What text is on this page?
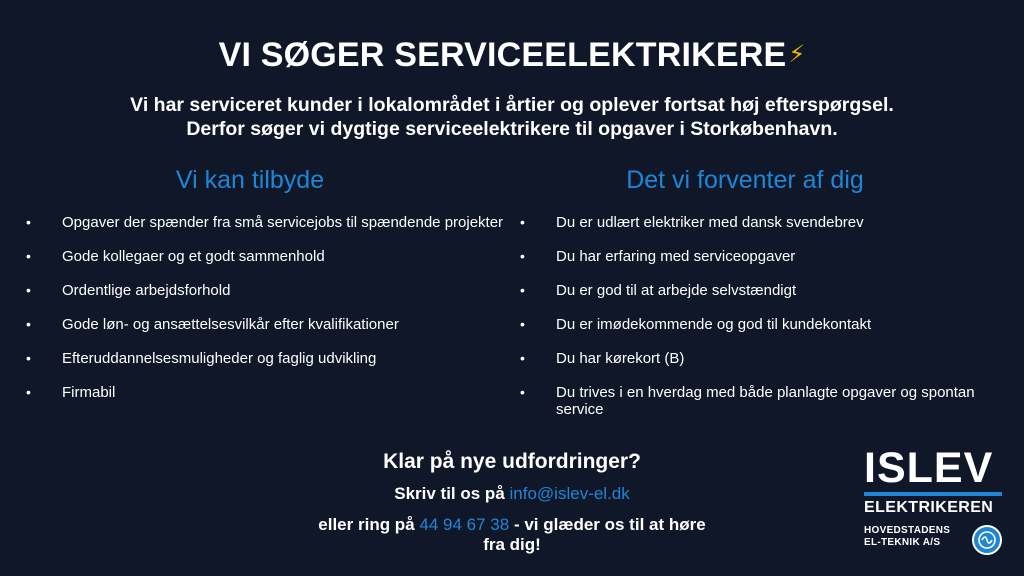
VI SØGER SERVICEELEKTRIKERE⚡
Vi har serviceret kunder i lokalområdet i årtier og oplever fortsat høj efterspørgsel.
Derfor søger vi dygtige serviceelektrikere til opgaver i Storkøbenhavn.
Vi kan tilbyde	Det vi forventer af dig
• Opgaver der spænder fra små servicejobs til spændende projekter
• Gode kollegaer og et godt sammenhold
• Ordentlige arbejdsforhold
• Gode løn- og ansættelsesvilkår efter kvalifikationer
• Efteruddannelsesmuligheder og faglig udvikling
• Firmabil
• Du er udlært elektriker med dansk svendebrev
• Du har erfaring med serviceopgaver
• Du er god til at arbejde selvstændigt
• Du er imødekommende og god til kundekontakt
• Du har kørekort (B)
• Du trives i en hverdag med både planlagte opgaver og spontan service
Klar på nye udfordringer?
Skriv til os på info@islev-el.dk
eller ring på 44 94 67 38 - vi glæder os til at høre fra dig!
ISLEV
ELEKTRIKEREN
HOVEDSTADENS
EL-TEKNIK A/S
